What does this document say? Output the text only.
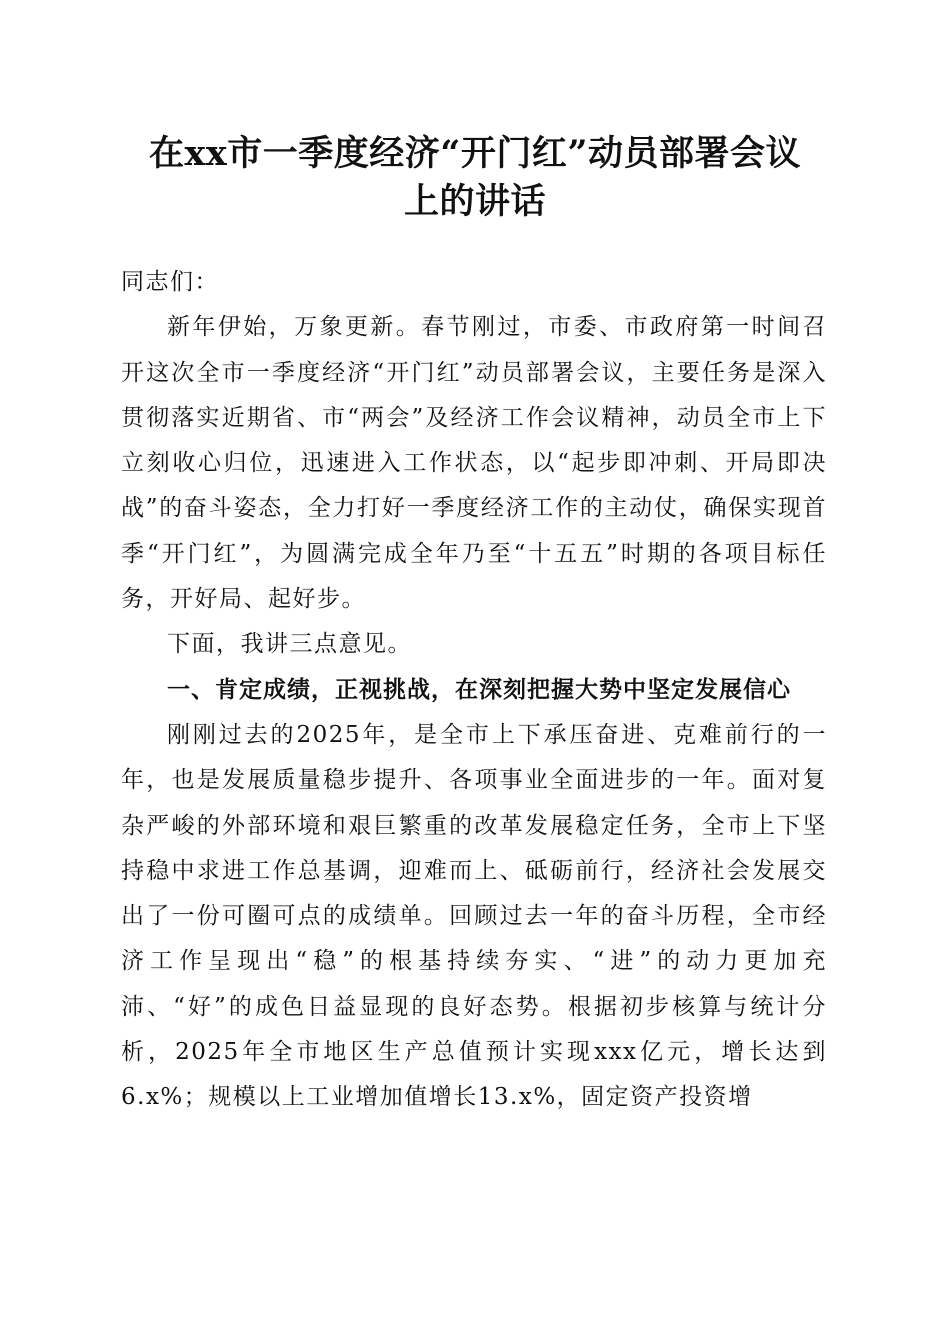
在xx市一季度经济“开门红”动员部署会议
上的讲话

同志们：

新年伊始，万象更新。春节刚过，市委、市政府第一时间召开这次全市一季度经济“开门红”动员部署会议，主要任务是深入贯彻落实近期省、市“两会”及经济工作会议精神，动员全市上下立刻收心归位，迅速进入工作状态，以“起步即冲刺、开局即决战”的奋斗姿态，全力打好一季度经济工作的主动仗，确保实现首季“开门红”，为圆满完成全年乃至“十五五”时期的各项目标任务，开好局、起好步。

下面，我讲三点意见。

一、肯定成绩，正视挑战，在深刻把握大势中坚定发展信心

刚刚过去的2025年，是全市上下承压奋进、克难前行的一年，也是发展质量稳步提升、各项事业全面进步的一年。面对复杂严峻的外部环境和艰巨繁重的改革发展稳定任务，全市上下坚持稳中求进工作总基调，迎难而上、砥砺前行，经济社会发展交出了一份可圈可点的成绩单。回顾过去一年的奋斗历程，全市经济工作呈现出“稳”的根基持续夯实、“进”的动力更加充沛、“好”的成色日益显现的良好态势。根据初步核算与统计分析，2025年全市地区生产总值预计实现xxx亿元，增长达到6.x%；规模以上工业增加值增长13.x%，固定资产投资增
